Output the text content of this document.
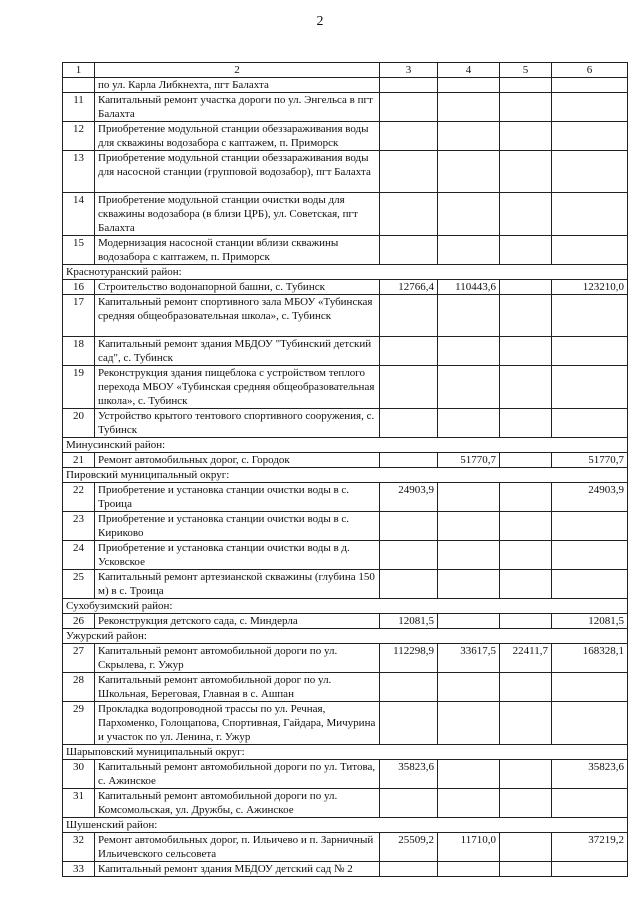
2
1	2	3	4	5	6
	по ул. Карла Либкнехта, пгт Балахта				
11	Капитальный ремонт участка дороги по ул. Энгельса в пгт Балахта				
12	Приобретение модульной станции обеззараживания воды для скважины водозабора с каптажем, п. Приморск				
13	Приобретение модульной станции обеззараживания воды для насосной станции (групповой водозабор), пгт Балахта				
14	Приобретение модульной станции очистки воды для скважины водозабора (в близи ЦРБ), ул. Советская, пгт Балахта				
15	Модернизация насосной станции вблизи скважины водозабора с каптажем, п. Приморск				
Краснотуранский район:					
16	Строительство водонапорной башни, с. Тубинск	12766,4	110443,6		123210,0
17	Капитальный ремонт спортивного зала МБОУ «Тубинская средняя общеобразовательная школа», с. Тубинск				
18	Капитальный ремонт здания МБДОУ "Тубинский детский сад", с. Тубинск				
19	Реконструкция здания пищеблока с устройством теплого перехода МБОУ «Тубинская средняя общеобразовательная школа», с. Тубинск				
20	Устройство крытого тентового спортивного сооружения, с. Тубинск				
Минусинский район:					
21	Ремонт автомобильных дорог, с. Городок		51770,7		51770,7
Пировский муниципальный округ:					
22	Приобретение и установка станции очистки воды в с. Троица	24903,9			24903,9
23	Приобретение и установка станции очистки воды в с. Кириково				
24	Приобретение и установка станции очистки воды в д. Усковское				
25	Капитальный ремонт артезианской скважины (глубина 150 м) в с. Троица				
Сухобузимский район:					
26	Реконструкция детского сада, с. Миндерла	12081,5			12081,5
Ужурский район:					
27	Капитальный ремонт автомобильной дороги по ул. Скрылева, г. Ужур	112298,9	33617,5	22411,7	168328,1
28	Капитальный ремонт автомобильной дорог по ул. Школьная, Береговая, Главная в с. Ашпан				
29	Прокладка водопроводной трассы по ул. Речная, Пархоменко, Голощапова, Спортивная, Гайдара, Мичурина и участок по ул. Ленина, г. Ужур				
Шарыповский муниципальный округ:					
30	Капитальный ремонт автомобильной дороги по ул. Титова, с. Ажинское	35823,6			35823,6
31	Капитальный ремонт автомобильной дороги по ул. Комсомольская, ул. Дружбы, с. Ажинское				
Шушенский район:					
32	Ремонт автомобильных дорог, п. Ильичево и п. Зарничный Ильичевского сельсовета	25509,2	11710,0		37219,2
33	Капитальный ремонт здания МБДОУ детский сад № 2				
